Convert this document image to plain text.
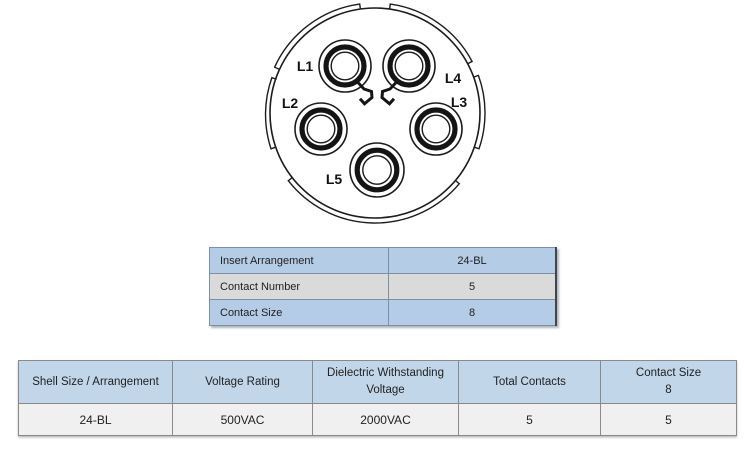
L1
L2	L3
L4
L5
Insert Arrangement	24-BL
Contact Number	5
Contact Size	8
Shell Size / Arrangement	Voltage Rating	Dielectric Withstanding Voltage	Total Contacts	Contact Size
8

24-BL	500VAC	2000VAC	5	5
